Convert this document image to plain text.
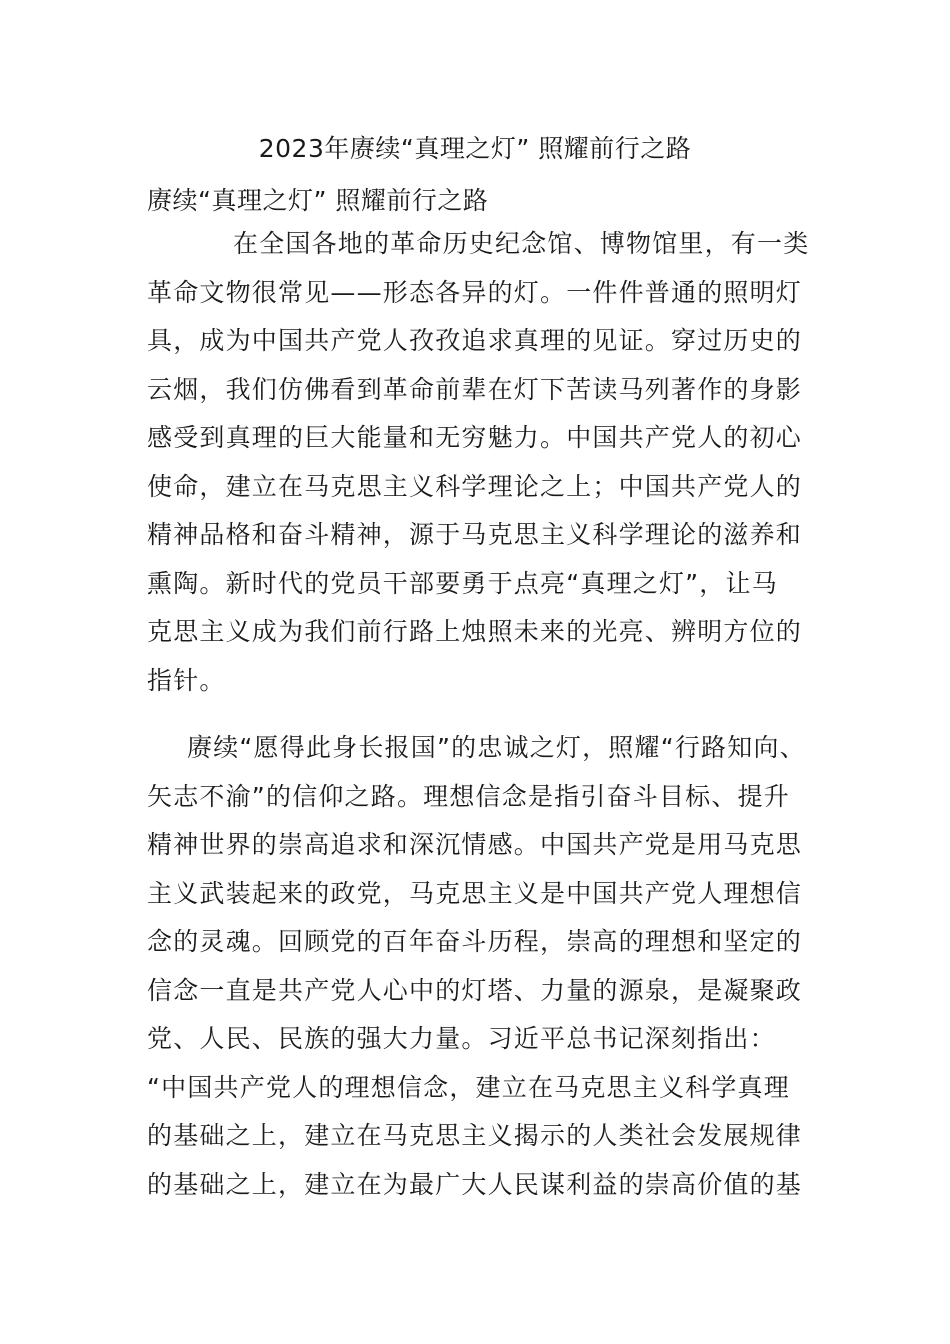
2023年赓续“真理之灯” 照耀前行之路
赓续“真理之灯” 照耀前行之路
在全国各地的革命历史纪念馆、博物馆里，有一类
革命文物很常见——形态各异的灯。一件件普通的照明灯
具，成为中国共产党人孜孜追求真理的见证。穿过历史的
云烟，我们仿佛看到革命前辈在灯下苦读马列著作的身影
感受到真理的巨大能量和无穷魅力。中国共产党人的初心
使命，建立在马克思主义科学理论之上；中国共产党人的
精神品格和奋斗精神，源于马克思主义科学理论的滋养和
熏陶。新时代的党员干部要勇于点亮“真理之灯”，让马
克思主义成为我们前行路上烛照未来的光亮、辨明方位的
指针。
赓续“愿得此身长报国”的忠诚之灯，照耀“行路知向、
矢志不渝”的信仰之路。理想信念是指引奋斗目标、提升
精神世界的崇高追求和深沉情感。中国共产党是用马克思
主义武装起来的政党，马克思主义是中国共产党人理想信
念的灵魂。回顾党的百年奋斗历程，崇高的理想和坚定的
信念一直是共产党人心中的灯塔、力量的源泉，是凝聚政
党、人民、民族的强大力量。习近平总书记深刻指出：
“中国共产党人的理想信念，建立在马克思主义科学真理
的基础之上，建立在马克思主义揭示的人类社会发展规律
的基础之上，建立在为最广大人民谋利益的崇高价值的基
